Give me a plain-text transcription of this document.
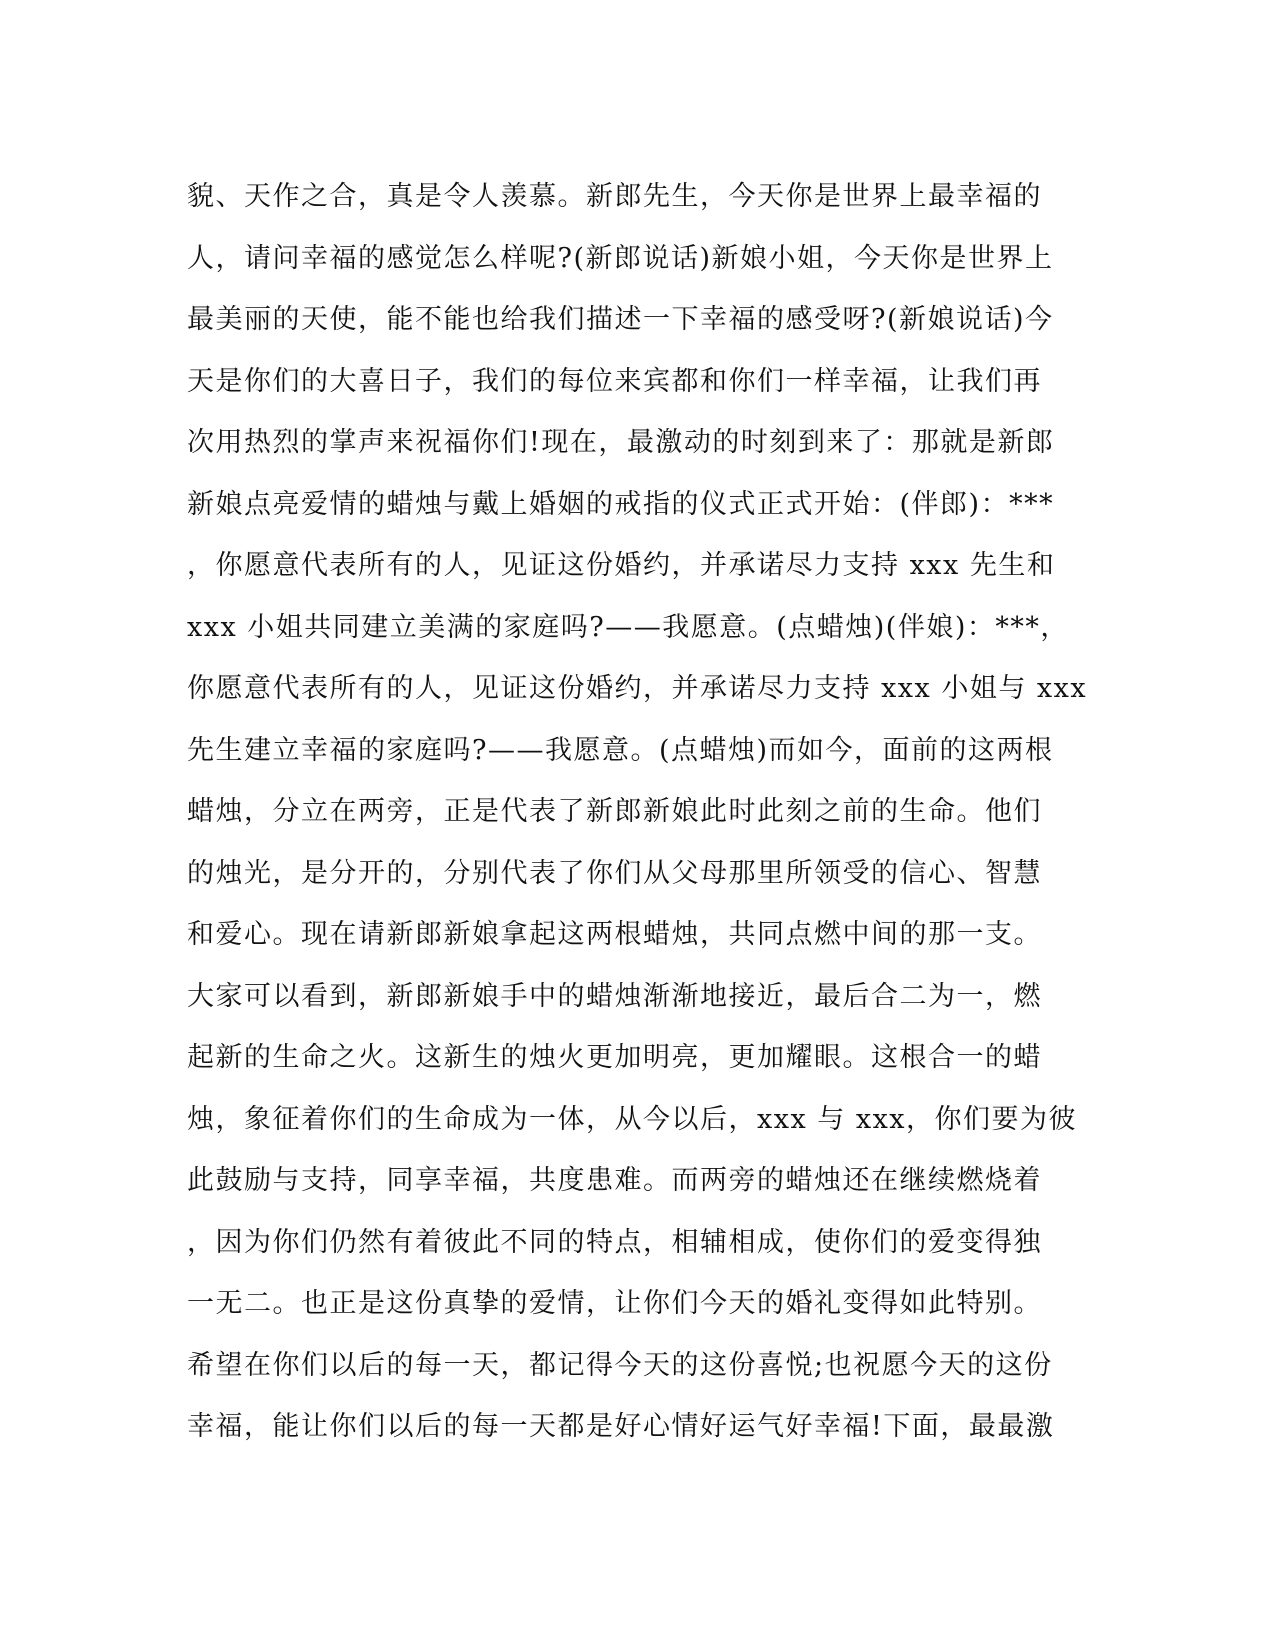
貌、天作之合，真是令人羡慕。新郎先生，今天你是世界上最幸福的
人，请问幸福的感觉怎么样呢?(新郎说话)新娘小姐，今天你是世界上
最美丽的天使，能不能也给我们描述一下幸福的感受呀?(新娘说话)今
天是你们的大喜日子，我们的每位来宾都和你们一样幸福，让我们再
次用热烈的掌声来祝福你们!现在，最激动的时刻到来了：那就是新郎
新娘点亮爱情的蜡烛与戴上婚姻的戒指的仪式正式开始：(伴郎)：***
，你愿意代表所有的人，见证这份婚约，并承诺尽力支持 xxx 先生和
xxx 小姐共同建立美满的家庭吗?——我愿意。(点蜡烛)(伴娘)：***，
你愿意代表所有的人，见证这份婚约，并承诺尽力支持 xxx 小姐与 xxx
先生建立幸福的家庭吗?——我愿意。(点蜡烛)而如今，面前的这两根
蜡烛，分立在两旁，正是代表了新郎新娘此时此刻之前的生命。他们
的烛光，是分开的，分别代表了你们从父母那里所领受的信心、智慧
和爱心。现在请新郎新娘拿起这两根蜡烛，共同点燃中间的那一支。
大家可以看到，新郎新娘手中的蜡烛渐渐地接近，最后合二为一，燃
起新的生命之火。这新生的烛火更加明亮，更加耀眼。这根合一的蜡
烛，象征着你们的生命成为一体，从今以后，xxx 与 xxx，你们要为彼
此鼓励与支持，同享幸福，共度患难。而两旁的蜡烛还在继续燃烧着
，因为你们仍然有着彼此不同的特点，相辅相成，使你们的爱变得独
一无二。也正是这份真挚的爱情，让你们今天的婚礼变得如此特别。
希望在你们以后的每一天，都记得今天的这份喜悦;也祝愿今天的这份
幸福，能让你们以后的每一天都是好心情好运气好幸福!下面，最最激
